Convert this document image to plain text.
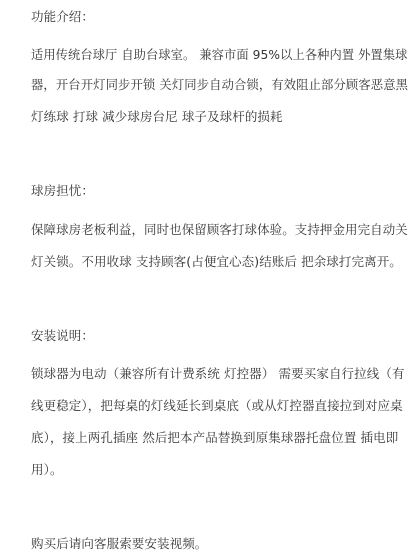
功能介绍：
适用传统台球厅 自助台球室。 兼容市面 95%以上各种内置 外置集球
器，开台开灯同步开锁 关灯同步自动合锁，有效阻止部分顾客恶意黑
灯练球 打球 减少球房台尼 球子及球杆的损耗
球房担忧：
保障球房老板利益，同时也保留顾客打球体验。支持押金用完自动关
灯关锁。不用收球 支持顾客(占便宜心态)结账后 把余球打完离开。
安装说明：
锁球器为电动（兼容所有计费系统 灯控器） 需要买家自行拉线（有
线更稳定），把每桌的灯线延长到桌底（或从灯控器直接拉到对应桌
底），接上两孔插座 然后把本产品替换到原集球器托盘位置 插电即
用）。
购买后请向客服索要安装视频。
